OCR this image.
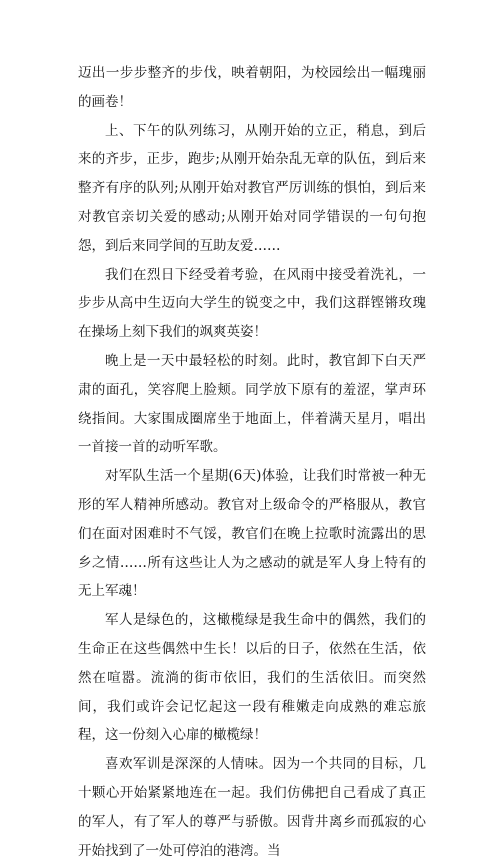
迈出一步步整齐的步伐，映着朝阳，为校园绘出一幅瑰丽的画卷！

上、下午的队列练习，从刚开始的立正，稍息，到后来的齐步，正步，跑步;从刚开始杂乱无章的队伍，到后来整齐有序的队列;从刚开始对教官严厉训练的惧怕，到后来对教官亲切关爱的感动;从刚开始对同学错误的一句句抱怨，到后来同学间的互助友爱……

我们在烈日下经受着考验，在风雨中接受着洗礼，一步步从高中生迈向大学生的锐变之中，我们这群铿锵玫瑰在操场上刻下我们的飒爽英姿！

晚上是一天中最轻松的时刻。此时，教官卸下白天严肃的面孔，笑容爬上脸颊。同学放下原有的羞涩，掌声环绕指间。大家围成圈席坐于地面上，伴着满天星月，唱出一首接一首的动听军歌。

对军队生活一个星期(6天)体验，让我们时常被一种无形的军人精神所感动。教官对上级命令的严格服从，教官们在面对困难时不气馁，教官们在晚上拉歌时流露出的思乡之情……所有这些让人为之感动的就是军人身上特有的无上军魂！

军人是绿色的，这橄榄绿是我生命中的偶然，我们的生命正在这些偶然中生长！以后的日子，依然在生活，依然在喧嚣。流淌的街市依旧，我们的生活依旧。而突然间，我们或许会记忆起这一段有稚嫩走向成熟的难忘旅程，这一份刻入心扉的橄榄绿！

喜欢军训是深深的人情味。因为一个共同的目标，几十颗心开始紧紧地连在一起。我们仿佛把自己看成了真正的军人，有了军人的尊严与骄傲。因背井离乡而孤寂的心开始找到了一处可停泊的港湾。当
